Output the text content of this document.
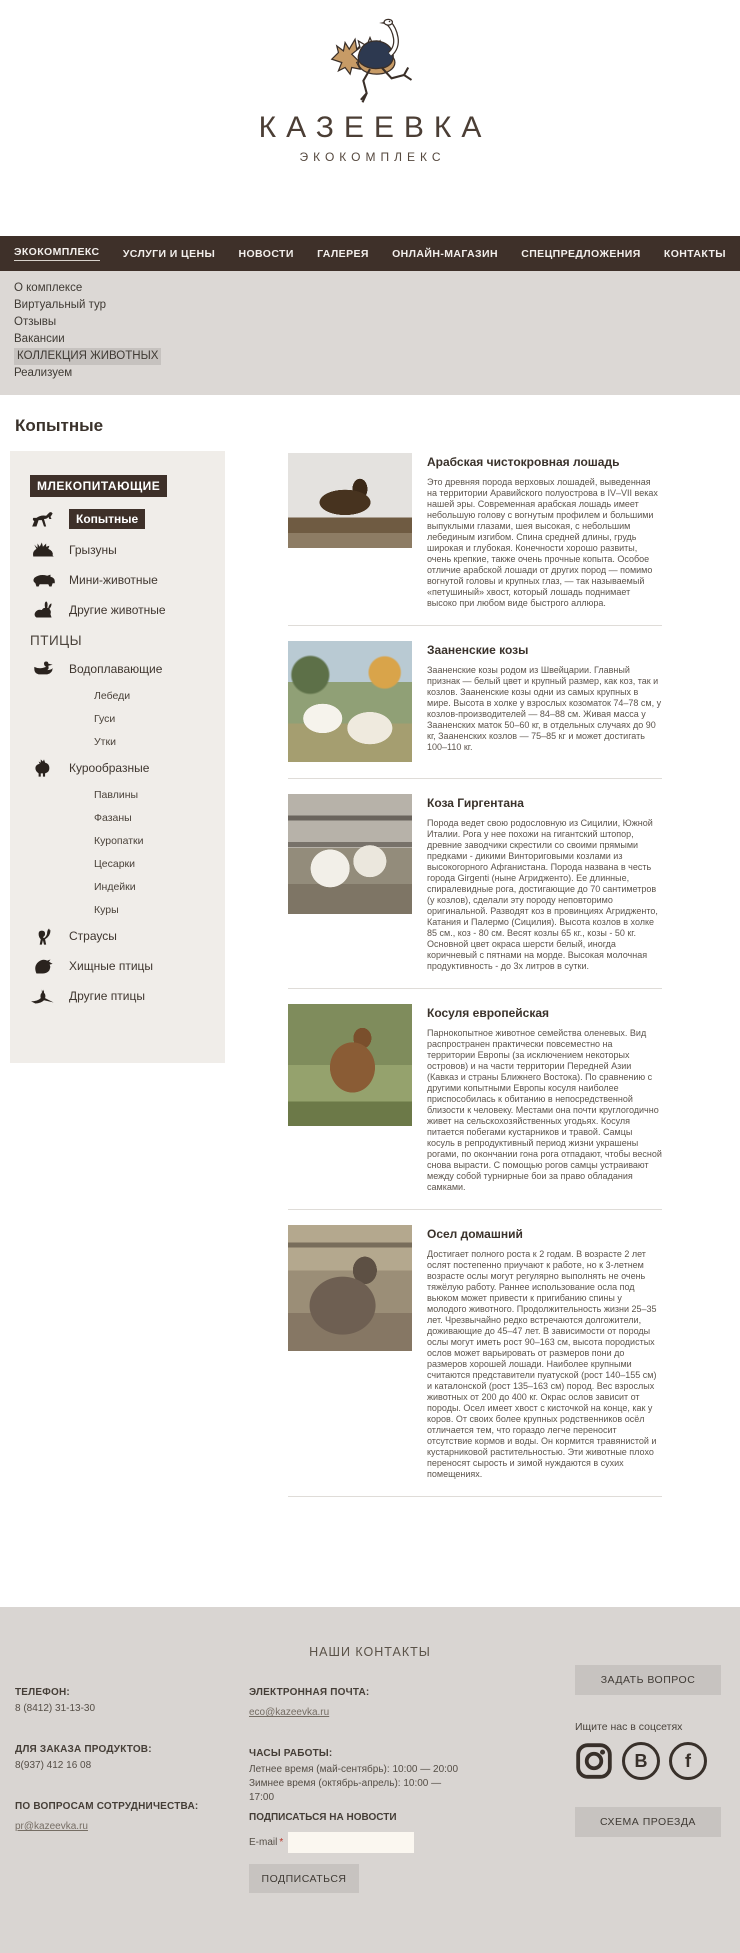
КАЗЕЕВКА
ЭКОКОМПЛЕКС
ЭКОКОМПЛЕКС УСЛУГИ И ЦЕНЫ НОВОСТИ ГАЛЕРЕЯ ОНЛАЙН-МАГАЗИН СПЕЦПРЕДЛОЖЕНИЯ КОНТАКТЫ
О комплексе
Виртуальный тур
Отзывы
Вакансии
КОЛЛЕКЦИЯ ЖИВОТНЫХ
Реализуем
Копытные
МЛЕКОПИТАЮЩИЕ
Копытные
Грызуны
Мини-животные
Другие животные
ПТИЦЫ
Водоплавающие
Лебеди
Гуси
Утки
Курообразные
Павлины
Фазаны
Куропатки
Цесарки
Индейки
Куры
Страусы
Хищные птицы
Другие птицы
Арабская чистокровная лошадь

Это древняя порода верховых лошадей, выведенная на территории Аравийского полуострова в IV–VII веках нашей эры. Современная арабская лошадь имеет небольшую голову с вогнутым профилем и большими выпуклыми глазами, шея высокая, с небольшим лебединым изгибом. Спина средней длины, грудь широкая и глубокая. Конечности хорошо развиты, очень крепкие, также очень прочные копыта. Особое отличие арабской лошади от других пород — помимо вогнутой головы и крупных глаз, — так называемый «петушиный» хвост, который лошадь поднимает высоко при любом виде быстрого аллюра.

Зааненские козы

Зааненские козы родом из Швейцарии. Главный признак — белый цвет и крупный размер, как коз, так и козлов. Зааненские козы одни из самых крупных в мире. Высота в холке у взрослых козоматок 74–78 см, у козлов-производителей — 84–88 см. Живая масса у Зааненских маток 50–60 кг, в отдельных случаях до 90 кг, Зааненских козлов — 75–85 кг и может достигать 100–110 кг.

Коза Гиргентана

Порода ведет свою родословную из Сицилии, Южной Италии. Рога у нее похожи на гигантский штопор, древние заводчики скрестили со своими прямыми предками - дикими Винториговыми козлами из высокогорного Афганистана. Порода названа в честь города Girgenti (ныне Агридженто). Ее длинные, спиралевидные рога, достигающие до 70 сантиметров (у козлов), сделали эту породу неповторимо оригинальной. Разводят коз в провинциях Агридженто, Катания и Палермо (Сицилия). Высота козлов в холке 85 см., коз - 80 см. Весят козлы 65 кг., козы - 50 кг. Основной цвет окраса шерсти белый, иногда коричневый с пятнами на морде. Высокая молочная продуктивность - до 3х литров в сутки.

Косуля европейская

Парнокопытное животное семейства оленевых. Вид распространен практически повсеместно на территории Европы (за исключением некоторых островов) и на части территории Передней Азии (Кавказ и страны Ближнего Востока). По сравнению с другими копытными Европы косуля наиболее приспособилась к обитанию в непосредственной близости к человеку. Местами она почти круглогодично живет на сельскохозяйственных угодьях. Косуля питается побегами кустарников и травой. Самцы косуль в репродуктивный период жизни украшены рогами, по окончании гона рога отпадают, чтобы весной снова вырасти. С помощью рогов самцы устраивают между собой турнирные бои за право обладания самками.

Осел домашний

Достигает полного роста к 2 годам. В возрасте 2 лет ослят постепенно приучают к работе, но к 3-летнем возрасте ослы могут регулярно выполнять не очень тяжёлую работу. Раннее использование осла под вьюком может привести к пригибанию спины у молодого животного. Продолжительность жизни 25–35 лет. Чрезвычайно редко встречаются долгожители, доживающие до 45–47 лет. В зависимости от породы ослы могут иметь рост 90–163 см, высота породистых ослов может варьировать от размеров пони до размеров хорошей лошади. Наиболее крупными считаются представители пуатуской (рост 140–155 см) и каталонской (рост 135–163 см) пород. Вес взрослых животных от 200 до 400 кг. Окрас ослов зависит от породы. Осел имеет хвост с кисточкой на конце, как у коров. От своих более крупных родственников осёл отличается тем, что гораздо легче переносит отсутствие кормов и воды. Он кормится травянистой и кустарниковой растительностью. Эти животные плохо переносят сырость и зимой нуждаются в сухих помещениях.

НАШИ КОНТАКТЫ
ТЕЛЕФОН:
8 (8412) 31-13-30
ДЛЯ ЗАКАЗА ПРОДУКТОВ:
8(937) 412 16 08
ПО ВОПРОСАМ СОТРУДНИЧЕСТВА:
pr@kazeevka.ru
ЭЛЕКТРОННАЯ ПОЧТА:
eco@kazeevka.ru
ЧАСЫ РАБОТЫ:
Летнее время (май-сентябрь): 10:00 — 20:00
Зимнее время (октябрь-апрель): 10:00 — 17:00
ЗАДАТЬ ВОПРОС
Ищите нас в соцсетях
В	f
ПОДПИСАТЬСЯ НА НОВОСТИ
E-mail *
ПОДПИСАТЬСЯ
СХЕМА ПРОЕЗДА
